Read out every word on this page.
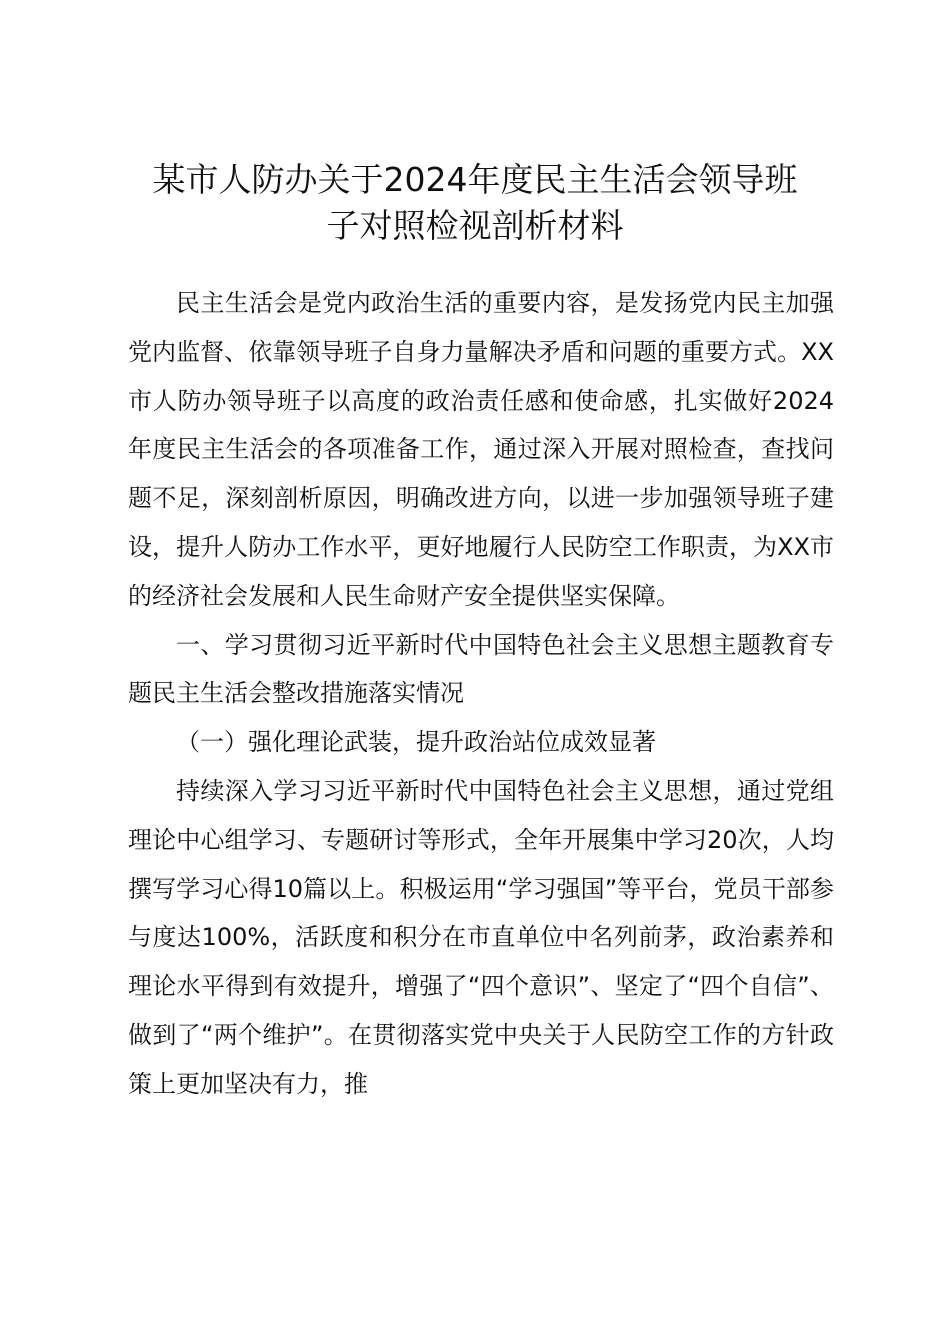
某市人防办关于2024年度民主生活会领导班
子对照检视剖析材料

民主生活会是党内政治生活的重要内容，是发扬党内民主加强党内监督、依靠领导班子自身力量解决矛盾和问题的重要方式。XX市人防办领导班子以高度的政治责任感和使命感，扎实做好2024年度民主生活会的各项准备工作，通过深入开展对照检查，查找问题不足，深刻剖析原因，明确改进方向，以进一步加强领导班子建设，提升人防办工作水平，更好地履行人民防空工作职责，为XX市的经济社会发展和人民生命财产安全提供坚实保障。

一、学习贯彻习近平新时代中国特色社会主义思想主题教育专题民主生活会整改措施落实情况

（一）强化理论武装，提升政治站位成效显著

持续深入学习习近平新时代中国特色社会主义思想，通过党组理论中心组学习、专题研讨等形式，全年开展集中学习20次，人均撰写学习心得10篇以上。积极运用“学习强国”等平台，党员干部参与度达100%，活跃度和积分在市直单位中名列前茅，政治素养和理论水平得到有效提升，增强了“四个意识”、坚定了“四个自信”、做到了“两个维护”。在贯彻落实党中央关于人民防空工作的方针政策上更加坚决有力，推
